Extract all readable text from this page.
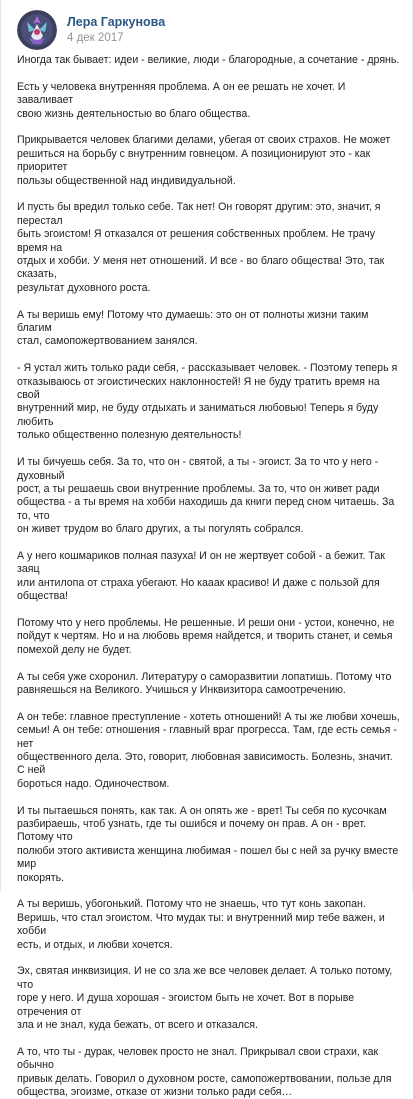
Лера Гаркунова
4 дек 2017

Иногда так бывает: идеи - великие, люди - благородные, а сочетание - дрянь.

Есть у человека внутренняя проблема. А он ее решать не хочет. И заваливает
свою жизнь деятельностью во благо общества.

Прикрывается человек благими делами, убегая от своих страхов. Не может
решиться на борьбу с внутренним говнецом. А позиционируют это - как приоритет
пользы общественной над индивидуальной.

И пусть бы вредил только себе. Так нет! Он говорят другим: это, значит, я перестал
быть эгоистом! Я отказался от решения собственных проблем. Не трачу время на
отдых и хобби. У меня нет отношений. И все - во благо общества! Это, так сказать,
результат духовного роста.

А ты веришь ему! Потому что думаешь: это он от полноты жизни таким благим
стал, самопожертвованием занялся.

- Я устал жить только ради себя, - рассказывает человек. - Поэтому теперь я
отказываюсь от эгоистических наклонностей! Я не буду тратить время на свой
внутренний мир, не буду отдыхать и заниматься любовью! Теперь я буду любить
только общественно полезную деятельность!

И ты бичуешь себя. За то, что он - святой, а ты - эгоист. За то что у него - духовный
рост, а ты решаешь свои внутренние проблемы. За то, что он живет ради
общества - а ты время на хобби находишь да книги перед сном читаешь. За то, что
он живет трудом во благо других, а ты погулять собрался.

А у него кошмариков полная пазуха! И он не жертвует собой - а бежит. Так заяц
или антилопа от страха убегают. Но кааак красиво! И даже с пользой для
общества!

Потому что у него проблемы. Не решенные. И реши они - устои, конечно, не
пойдут к чертям. Но и на любовь время найдется, и творить станет, и семья
помехой делу не будет.

А ты себя уже схоронил. Литературу о саморазвитии лопатишь. Потому что
равняешься на Великого. Учишься у Инквизитора самоотречению.

А он тебе: главное преступление - хотеть отношений! А ты же любви хочешь,
семьи! А он тебе: отношения - главный враг прогресса. Там, где есть семья - нет
общественного дела. Это, говорит, любовная зависимость. Болезнь, значит. С ней
бороться надо. Одиночеством.

И ты пытаешься понять, как так. А он опять же - врет! Ты себя по кусочкам
разбираешь, чтоб узнать, где ты ошибся и почему он прав. А он - врет. Потому что
полюби этого активиста женщина любимая - пошел бы с ней за ручку вместе мир
покорять.

А ты веришь, убогонький. Потому что не знаешь, что тут конь закопан.
Веришь, что стал эгоистом. Что мудак ты: и внутренний мир тебе важен, и хобби
есть, и отдых, и любви хочется.

Эх, святая инквизиция. И не со зла же все человек делает. А только потому, что
горе у него. И душа хорошая - эгоистом быть не хочет. Вот в порыве отречения от
зла и не знал, куда бежать, от всего и отказался.

А то, что ты - дурак, человек просто не знал. Прикрывал свои страхи, как обычно
привык делать. Говорил о духовном росте, самопожертвовании, пользе для
общества, эгоизме, отказе от жизни только ради себя…
